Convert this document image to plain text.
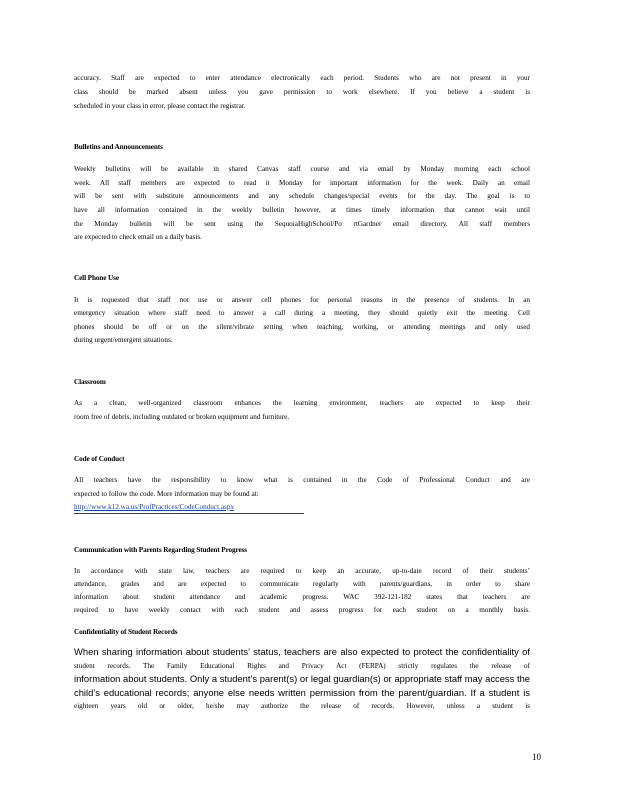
accuracy. Staff are expected to enter attendance electronically each period. Students who are not present in your
class should be marked absent unless you gave permission to work elsewhere. If you believe a student is
scheduled in your class in error, please contact the registrar.
Bulletins and Announcements
Weekly bulletins will be available in shared Canvas staff course and via email by Monday morning each school
week. All staff members are expected to read it Monday for important information for the week. Daily an email
will be sent with substitute announcements and any schedule changes/special events for the day. The goal is to
have all information contained in the weekly bulletin however, at times timely information that cannot wait until
the Monday bulletin will be sent using the SequoiaHighSchool/Po rtGardner email directory. All staff members
are expected to check email on a daily basis.
Cell Phone Use
It is requested that staff not use or answer cell phones for personal reasons in the presence of students. In an
emergency situation where staff need to answer a call during a meeting, they should quietly exit the meeting. Cell
phones should be off or on the silent/vibrate setting when teaching, working, or attending meetings and only used
during urgent/emergent situations.
Classroom
As a clean, well-organized classroom enhances the learning environment, teachers are expected to keep their
room free of debris, including outdated or broken equipment and furniture.
Code of Conduct
All teachers have the responsibility to know what is contained in the Code of Professional Conduct and are
expected to follow the code. More information may be found at:
http://www.k12.wa.us/ProfPractices/CodeConduct.aspx
Communication with Parents Regarding Student Progress
In accordance with state law, teachers are required to keep an accurate, up-to-date record of their students’
attendance, grades and are expected to communicate regularly with parents/guardians, in order to share
information about student attendance and academic progress. WAC 392-121-182 states that teachers are
required to have weekly contact with each student and assess progress for each student on a monthly basis.
Confidentiality of Student Records
When sharing information about students’ status, teachers are also expected to protect the confidentiality of
student records. The Family Educational Rights and Privacy Act (FERPA) strictly regulates the release of
information about students. Only a student’s parent(s) or legal guardian(s) or appropriate staff may access the
child’s educational records; anyone else needs written permission from the parent/guardian. If a student is
eighteen years old or older, he/she may authorize the release of records. However, unless a student is
10
